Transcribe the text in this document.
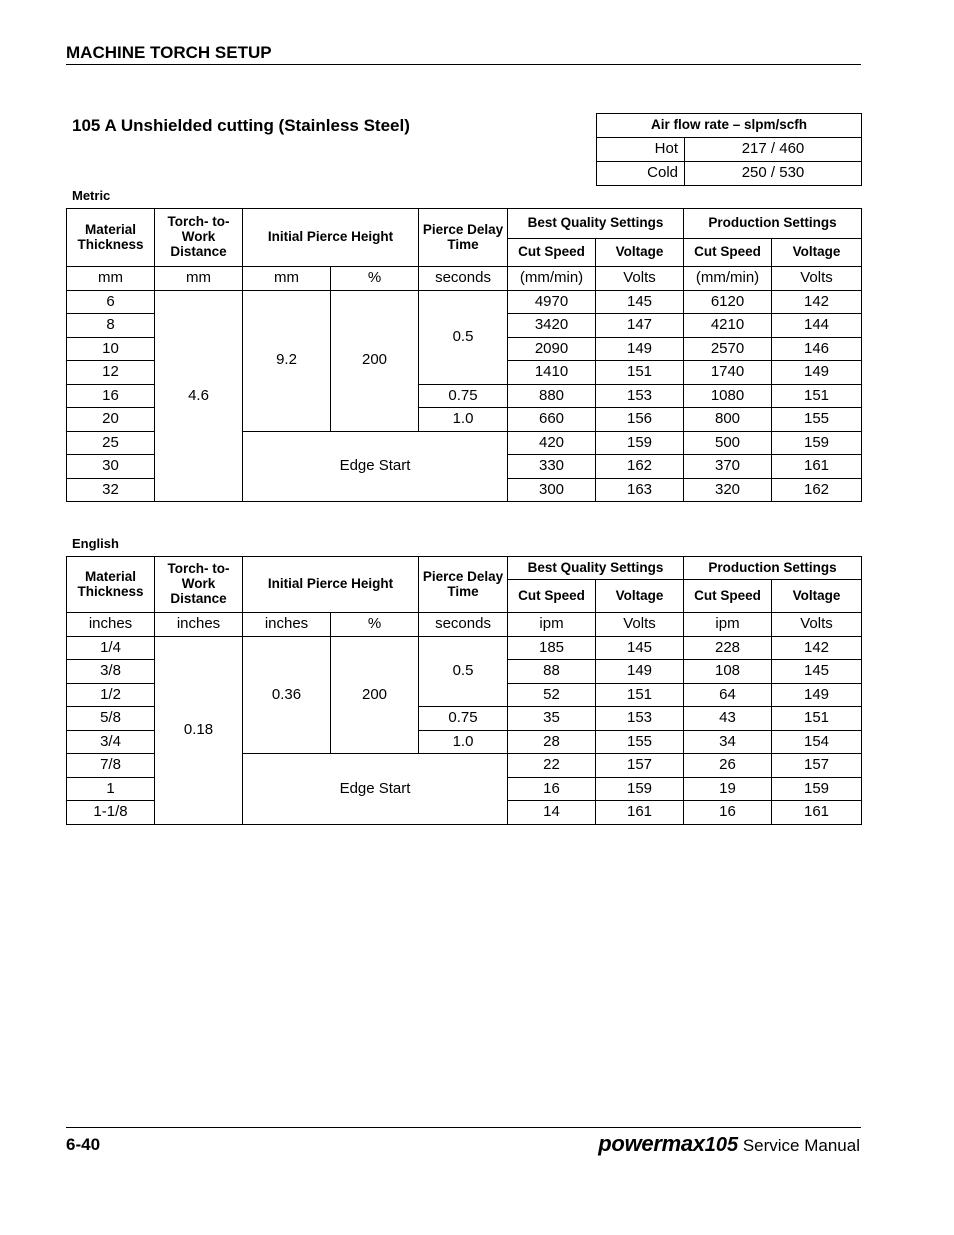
MACHINE TORCH SETUP
105 A Unshielded cutting (Stainless Steel)	Air flow rate – slpm/scfh	
Hot	217 / 460
Cold	250 / 530
Metric
Material Thickness	Torch- to-Work Distance	Initial Pierce Height		Pierce Delay Time	Best Quality Settings		Production Settings	
					Cut Speed	Voltage	Cut Speed	Voltage
mm	mm	mm	%	seconds	(mm/min)	Volts	(mm/min)	Volts
6	4.6	9.2	200	0.5	4970	145	6120	142
8					3420	147	4210	144
10					2090	149	2570	146
12					1410	151	1740	149
16				0.75	880	153	1080	151
20				1.0	660	156	800	155
25		Edge Start			420	159	500	159
30					330	162	370	161
32					300	163	320	162
English
Material Thickness	Torch- to-Work Distance	Initial Pierce Height		Pierce Delay Time	Best Quality Settings		Production Settings	
					Cut Speed	Voltage	Cut Speed	Voltage
inches	inches	inches	%	seconds	ipm	Volts	ipm	Volts
1/4	0.18	0.36	200	0.5	185	145	228	142
3/8					88	149	108	145
1/2					52	151	64	149
5/8				0.75	35	153	43	151
3/4				1.0	28	155	34	154
7/8		Edge Start			22	157	26	157
1					16	159	19	159
1-1/8					14	161	16	161
6-40	powermax105 Service Manual
